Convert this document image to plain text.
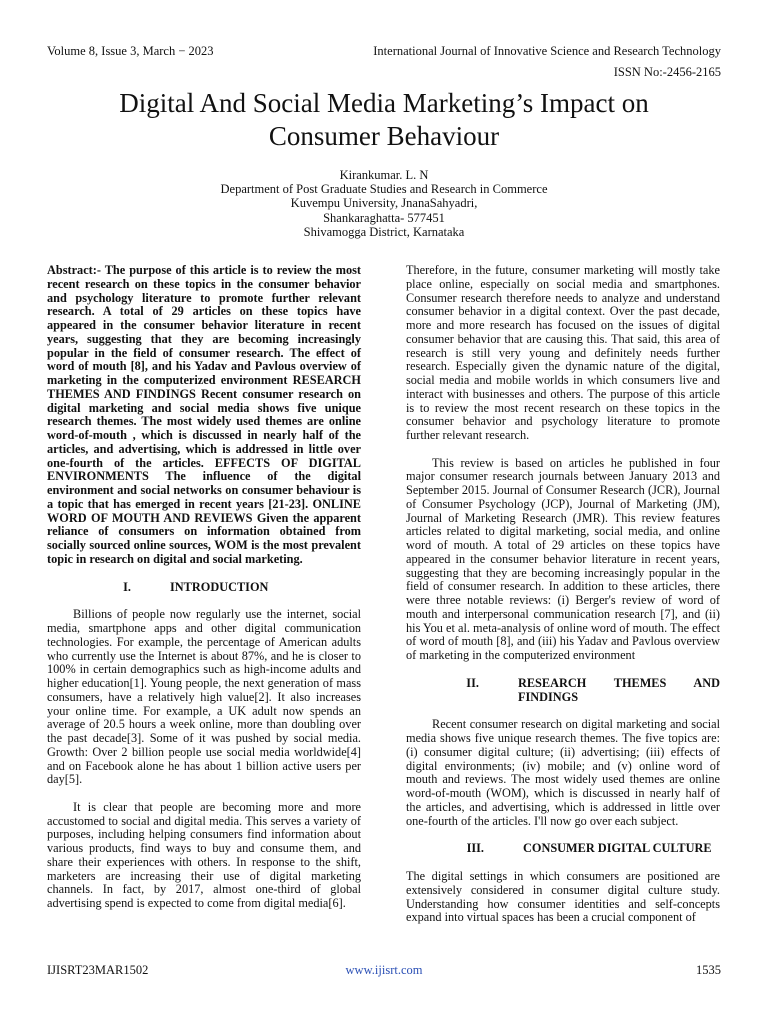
Volume 8, Issue 3, March − 2023	International Journal of Innovative Science and Research Technology
ISSN No:-2456-2165
Digital And Social Media Marketing’s Impact on
Consumer Behaviour
Kirankumar. L. N
Department of Post Graduate Studies and Research in Commerce
Kuvempu University, JnanaSahyadri,
Shankaraghatta- 577451
Shivamogga District, Karnataka

Abstract:- The purpose of this article is to review the most recent research on these topics in the consumer behavior and psychology literature to promote further relevant research. A total of 29 articles on these topics have appeared in the consumer behavior literature in recent years, suggesting that they are becoming increasingly popular in the field of consumer research. The effect of word of mouth [8], and his Yadav and Pavlous overview of marketing in the computerized environment RESEARCH THEMES AND FINDINGS Recent consumer research on digital marketing and social media shows five unique research themes. The most widely used themes are online word-of-mouth , which is discussed in nearly half of the articles, and advertising, which is addressed in little over one-fourth of the articles. EFFECTS OF DIGITAL ENVIRONMENTS The influence of the digital environment and social networks on consumer behaviour is a topic that has emerged in recent years [21-23]. ONLINE WORD OF MOUTH AND REVIEWS Given the apparent reliance of consumers on information obtained from socially sourced online sources, WOM is the most prevalent topic in research on digital and social marketing.

I.	INTRODUCTION

Billions of people now regularly use the internet, social media, smartphone apps and other digital communication technologies. For example, the percentage of American adults who currently use the Internet is about 87%, and he is closer to 100% in certain demographics such as high-income adults and higher education[1]. Young people, the next generation of mass consumers, have a relatively high value[2]. It also increases your online time. For example, a UK adult now spends an average of 20.5 hours a week online, more than doubling over the past decade[3]. Some of it was pushed by social media. Growth: Over 2 billion people use social media worldwide[4] and on Facebook alone he has about 1 billion active users per day[5].

It is clear that people are becoming more and more accustomed to social and digital media. This serves a variety of purposes, including helping consumers find information about various products, find ways to buy and consume them, and share their experiences with others. In response to the shift, marketers are increasing their use of digital marketing channels. In fact, by 2017, almost one-third of global advertising spend is expected to come from digital media[6].

Therefore, in the future, consumer marketing will mostly take place online, especially on social media and smartphones. Consumer research therefore needs to analyze and understand consumer behavior in a digital context. Over the past decade, more and more research has focused on the issues of digital consumer behavior that are causing this. That said, this area of research is still very young and definitely needs further research. Especially given the dynamic nature of the digital, social media and mobile worlds in which consumers live and interact with businesses and others. The purpose of this article is to review the most recent research on these topics in the consumer behavior and psychology literature to promote further relevant research.

This review is based on articles he published in four major consumer research journals between January 2013 and September 2015. Journal of Consumer Research (JCR), Journal of Consumer Psychology (JCP), Journal of Marketing (JM), Journal of Marketing Research (JMR). This review features articles related to digital marketing, social media, and online word of mouth. A total of 29 articles on these topics have appeared in the consumer behavior literature in recent years, suggesting that they are becoming increasingly popular in the field of consumer research. In addition to these articles, there were three notable reviews: (i) Berger's review of word of mouth and interpersonal communication research [7], and (ii) his You et al. meta-analysis of online word of mouth. The effect of word of mouth [8], and (iii) his Yadav and Pavlous overview of marketing in the computerized environment

II.	RESEARCH THEMES AND FINDINGS

Recent consumer research on digital marketing and social media shows five unique research themes. The five topics are: (i) consumer digital culture; (ii) advertising; (iii) effects of digital environments; (iv) mobile; and (v) online word of mouth and reviews. The most widely used themes are online word-of-mouth (WOM), which is discussed in nearly half of the articles, and advertising, which is addressed in little over one-fourth of the articles. I'll now go over each subject.

III.	CONSUMER DIGITAL CULTURE

The digital settings in which consumers are positioned are extensively considered in consumer digital culture study. Understanding how consumer identities and self-concepts expand into virtual spaces has been a crucial component of

IJISRT23MAR1502	www.ijisrt.com	1535
